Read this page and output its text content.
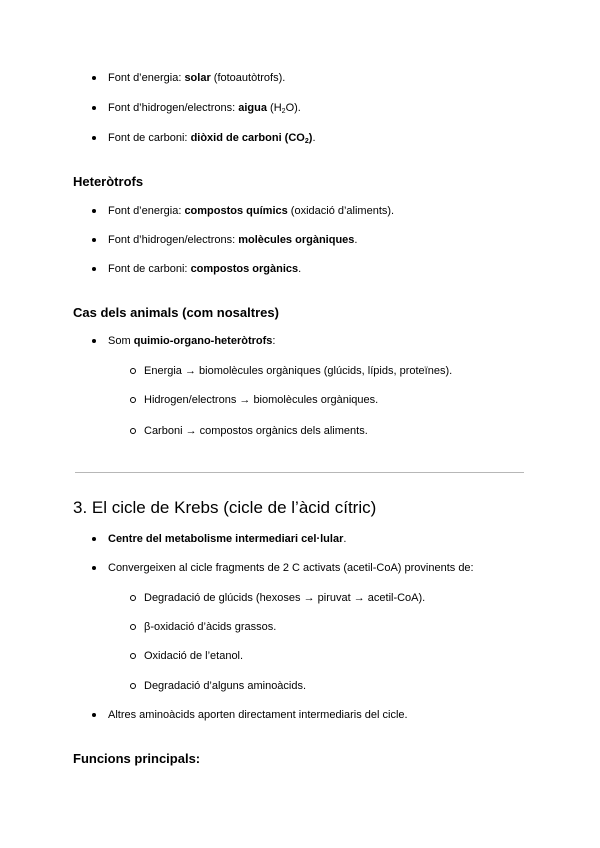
Font d’energia: solar (fotoautòtrofs).
Font d’hidrogen/electrons: aigua $(H_2O)$.
Font de carboni: diòxid de carboni $(CO_2)$.
Heteròtrofs
Font d’energia: compostos químics (oxidació d’aliments).
Font d’hidrogen/electrons: molècules orgàniques.
Font de carboni: compostos orgànics.
Cas dels animals (com nosaltres)
Som quimio-organo-heteròtrofs:
Energia → biomolècules orgàniques (glúcids, lípids, proteïnes).
Hidrogen/electrons → biomolècules orgàniques.
Carboni → compostos orgànics dels aliments.
3. El cicle de Krebs (cicle de l’àcid cítric)
Centre del metabolisme intermediari cel·lular.
Convergeixen al cicle fragments de 2 C activats (acetil-CoA) provinents de:
Degradació de glúcids (hexoses → piruvat → acetil-CoA).
β-oxidació d’àcids grassos.
Oxidació de l’etanol.
Degradació d’alguns aminoàcids.
Altres aminoàcids aporten directament intermediaris del cicle.
Funcions principals:
